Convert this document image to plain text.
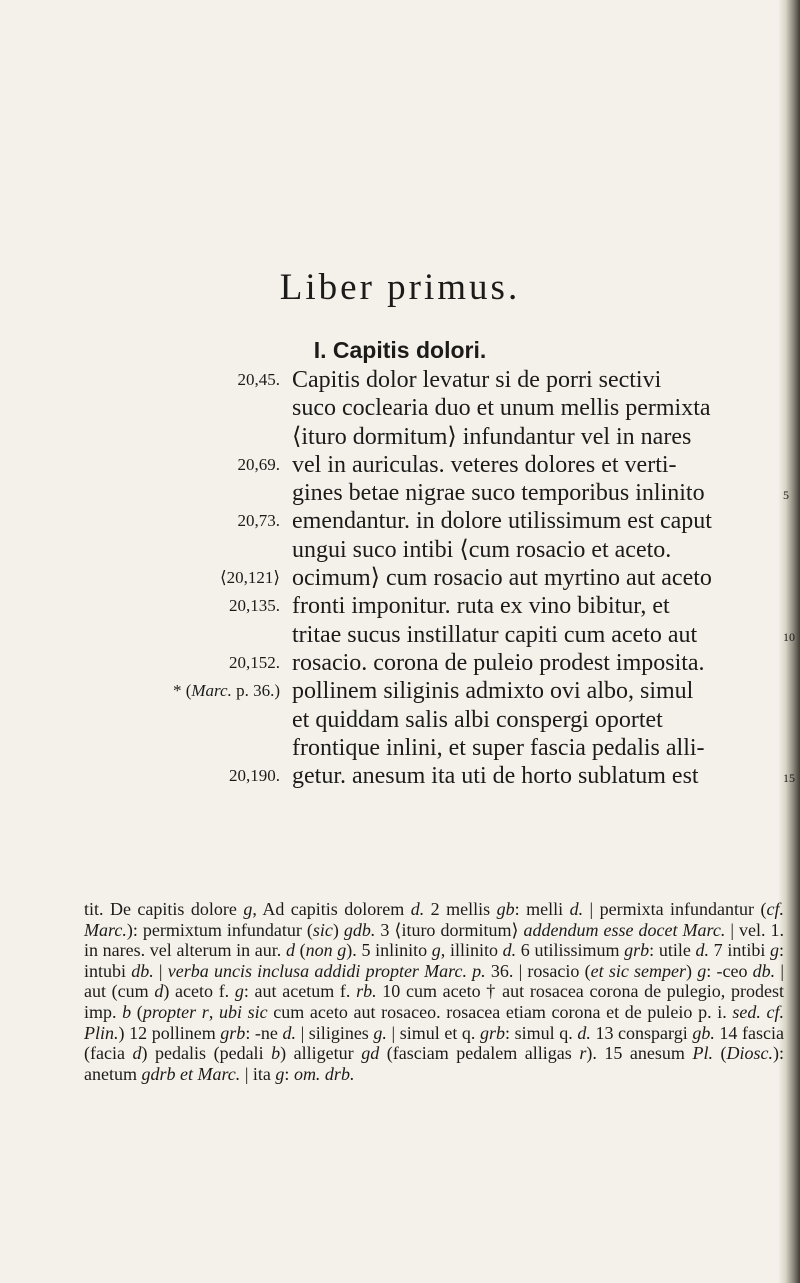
Liber primus.
I. Capitis dolori.
20,45. Capitis dolor levatur si de porri sectivi
suco coclearia duo et unum mellis permixta
⟨ituro dormitum⟩ infundantur vel in nares
20,69. vel in auriculas. veteres dolores et verti-
gines betae nigrae suco temporibus inlinito	5
20,73. emendantur. in dolore utilissimum est caput
ungui suco intibi ⟨cum rosacio et aceto.
⟨20,121⟩ ocimum⟩ cum rosacio aut myrtino aut aceto
20,135. fronti imponitur. ruta ex vino bibitur, et
tritae sucus instillatur capiti cum aceto aut	10
20,152. rosacio. corona de puleio prodest imposita.
* (Marc. p. 36.) pollinem siliginis admixto ovi albo, simul
et quiddam salis albi conspergi oportet
frontique inlini, et super fascia pedalis alli-
20,190. getur. anesum ita uti de horto sublatum est	15

tit. De capitis dolore g, Ad capitis dolorem d. 2 mellis gb: melli d. | permixta infundantur (cf. Marc.): permixtum infundatur (sic) gdb. 3 ⟨ituro dormitum⟩ addendum esse docet Marc. | vel. 1. in nares. vel alterum in aur. d (non g). 5 inlinito g, illinito d. 6 utilissimum grb: utile d. 7 intibi g: intubi db. | verba uncis inclusa addidi propter Marc. p. 36. | rosacio (et sic semper) g: -ceo db. | aut (cum d) aceto f. g: aut acetum f. rb. 10 cum aceto † aut rosacea corona de pulegio, prodest imp. b (propter r, ubi sic cum aceto aut rosaceo. rosacea etiam corona et de puleio p. i. sed. cf. Plin.) 12 pollinem grb: -ne d. | siligines g. | simul et q. grb: simul q. d. 13 conspargi gb. 14 fascia (facia d) pedalis (pedali b) alligetur gd (fasciam pedalem alligas r). 15 anesum Pl. (Diosc.): anetum gdrb et Marc. | ita g: om. drb.
